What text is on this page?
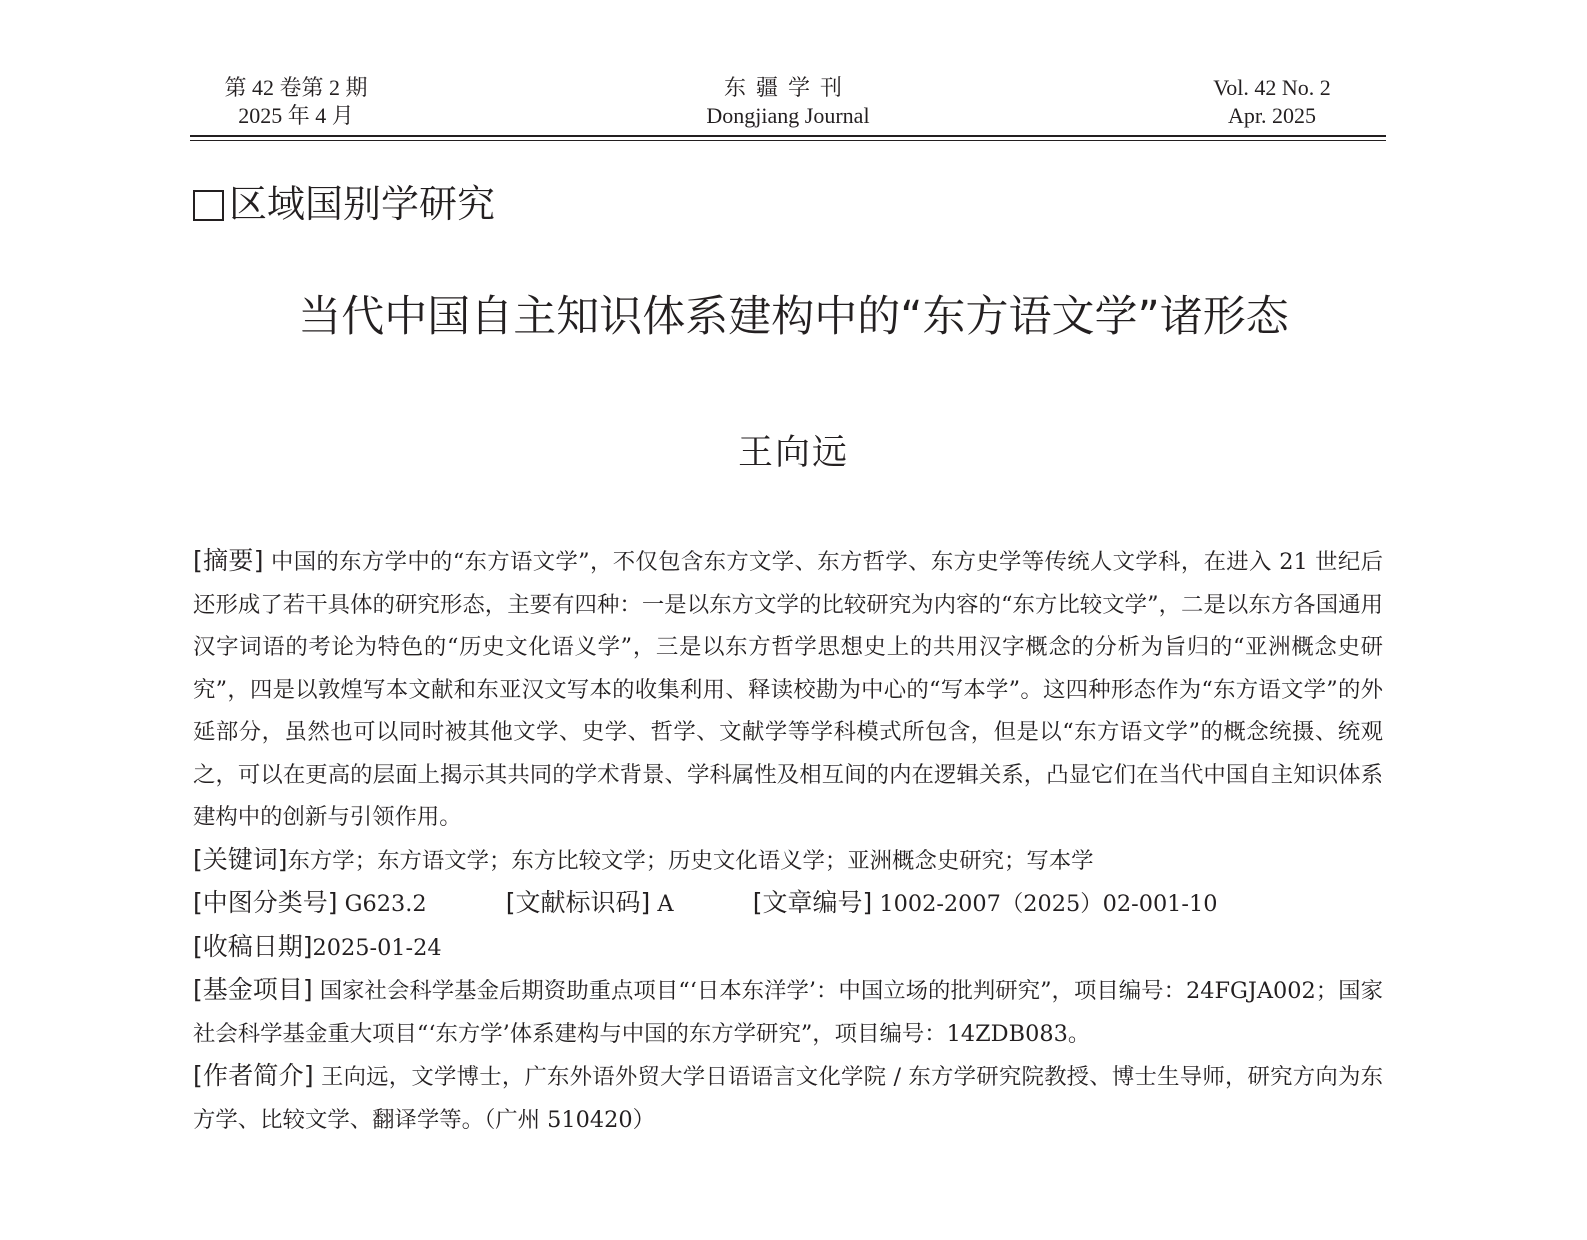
第 42 卷第 2 期
2025 年 4 月
东疆学刊
Dongjiang Journal
Vol. 42 No. 2
Apr. 2025
区域国别学研究
当代中国自主知识体系建构中的“东方语文学”诸形态
王向远
[摘要] 中国的东方学中的“东方语文学”，不仅包含东方文学、东方哲学、东方史学等传统人文学科，在进入 21 世纪后还形成了若干具体的研究形态，主要有四种：一是以东方文学的比较研究为内容的“东方比较文学”，二是以东方各国通用汉字词语的考论为特色的“历史文化语义学”，三是以东方哲学思想史上的共用汉字概念的分析为旨归的“亚洲概念史研究”，四是以敦煌写本文献和东亚汉文写本的收集利用、释读校勘为中心的“写本学”。这四种形态作为“东方语文学”的外延部分，虽然也可以同时被其他文学、史学、哲学、文献学等学科模式所包含，但是以“东方语文学”的概念统摄、统观之，可以在更高的层面上揭示其共同的学术背景、学科属性及相互间的内在逻辑关系，凸显它们在当代中国自主知识体系建构中的创新与引领作用。
[关键词]东方学；东方语文学；东方比较文学；历史文化语义学；亚洲概念史研究；写本学
[中图分类号] G623.2	[文献标识码] A	[文章编号] 1002-2007（2025）02-001-10
[收稿日期]2025-01-24
[基金项目] 国家社会科学基金后期资助重点项目“‘日本东洋学’：中国立场的批判研究”，项目编号：24FGJA002；国家社会科学基金重大项目“‘东方学’体系建构与中国的东方学研究”，项目编号：14ZDB083。
[作者简介] 王向远，文学博士，广东外语外贸大学日语语言文化学院 / 东方学研究院教授、博士生导师，研究方向为东方学、比较文学、翻译学等。（广州 510420）
